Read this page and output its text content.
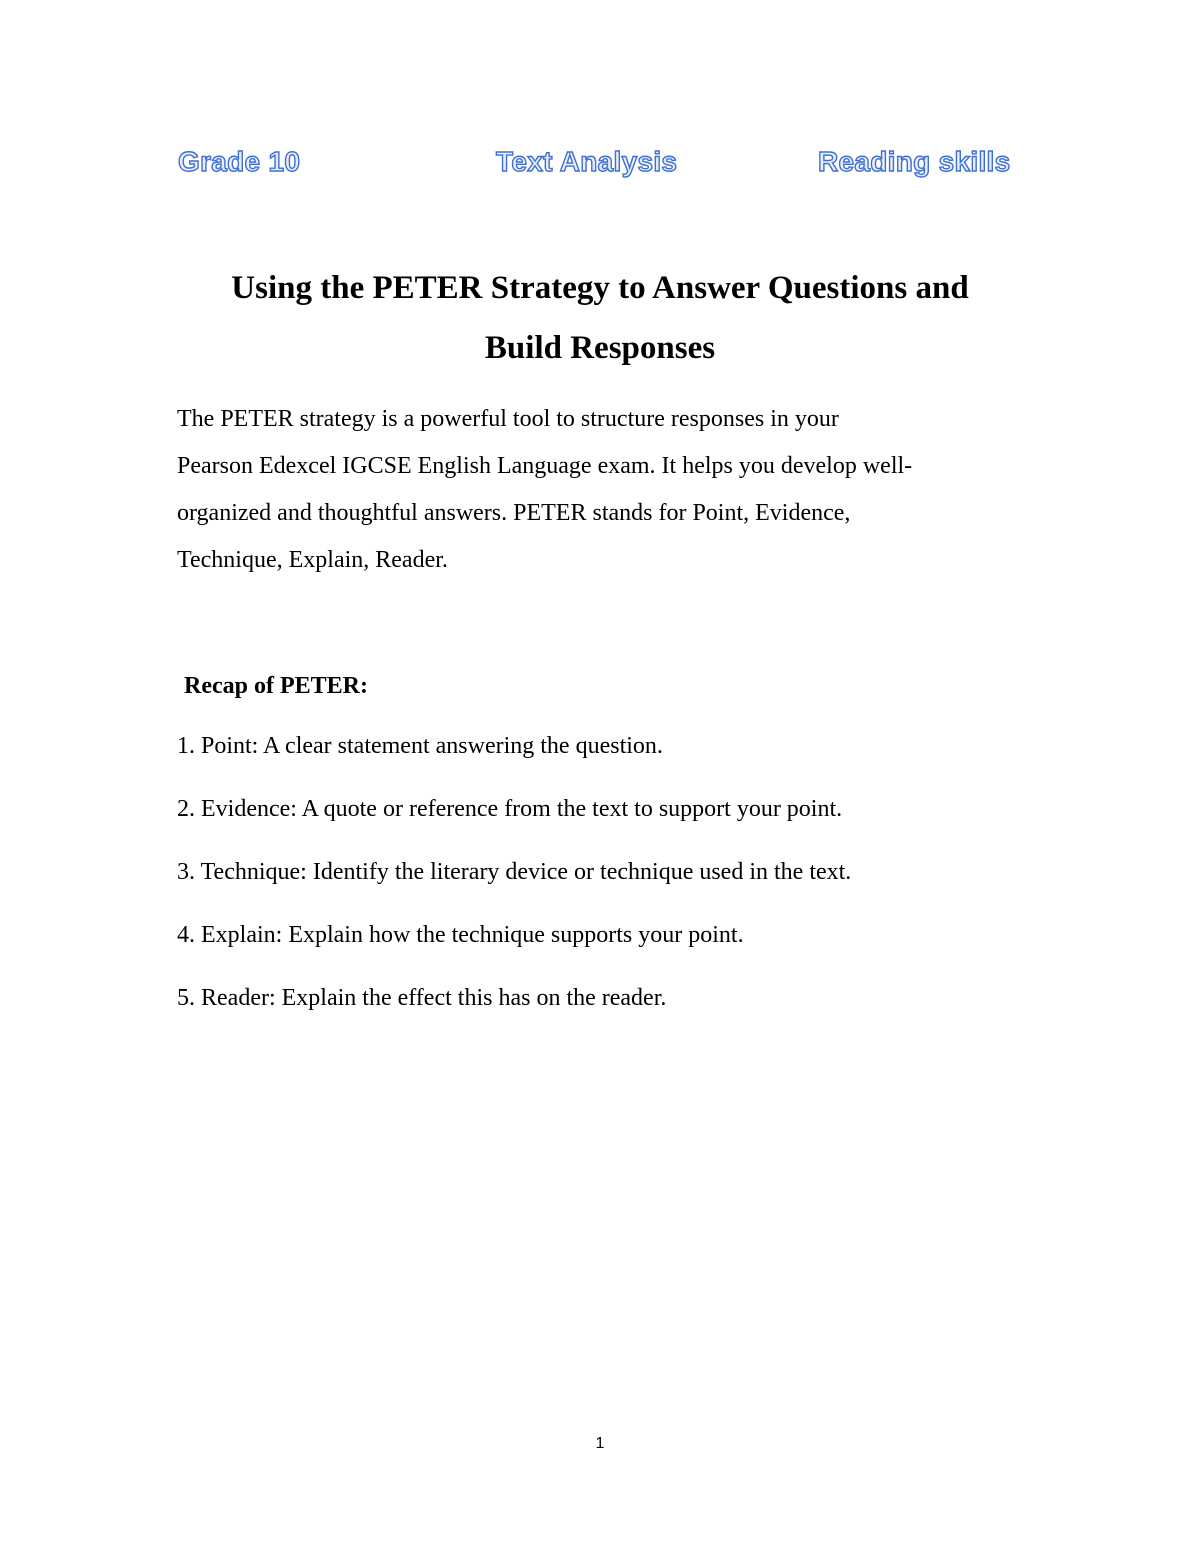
Grade 10	Text Analysis	Reading skills
Using the PETER Strategy to Answer Questions and
Build Responses

The PETER strategy is a powerful tool to structure responses in your
Pearson Edexcel IGCSE English Language exam. It helps you develop well-
organized and thoughtful answers. PETER stands for Point, Evidence,
Technique, Explain, Reader.

Recap of PETER:

1. Point: A clear statement answering the question.
2. Evidence: A quote or reference from the text to support your point.
3. Technique: Identify the literary device or technique used in the text.
4. Explain: Explain how the technique supports your point.
5. Reader: Explain the effect this has on the reader.
1
